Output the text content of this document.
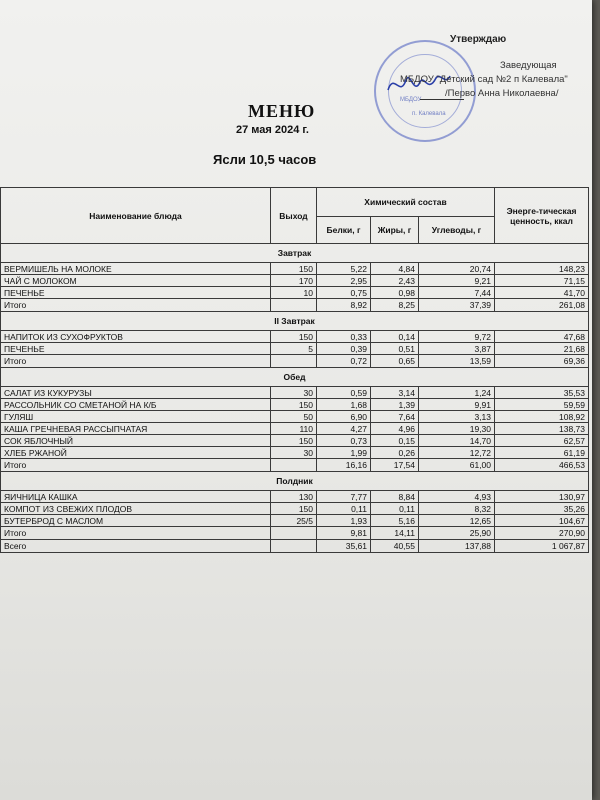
МБДОУ
п. Калевала
Утверждаю
Заведующая
МБДОУ "Детский сад №2 п Калевала"
/Перво Анна Николаевна/
МЕНЮ
27 мая 2024 г.
Ясли 10,5 часов
Наименование блюда	Выход	Химический состав			Энерге-тическая ценность, ккал
		Белки, г	Жиры, г	Углеводы, г	
Завтрак					
ВЕРМИШЕЛЬ НА МОЛОКЕ	150	5,22	4,84	20,74	148,23
ЧАЙ С МОЛОКОМ	170	2,95	2,43	9,21	71,15
ПЕЧЕНЬЕ	10	0,75	0,98	7,44	41,70
Итого		8,92	8,25	37,39	261,08
II Завтрак					
НАПИТОК ИЗ СУХОФРУКТОВ	150	0,33	0,14	9,72	47,68
ПЕЧЕНЬЕ	5	0,39	0,51	3,87	21,68
Итого		0,72	0,65	13,59	69,36
Обед					
САЛАТ ИЗ КУКУРУЗЫ	30	0,59	3,14	1,24	35,53
РАССОЛЬНИК СО СМЕТАНОЙ НА К/Б	150	1,68	1,39	9,91	59,59
ГУЛЯШ	50	6,90	7,64	3,13	108,92
КАША ГРЕЧНЕВАЯ РАССЫПЧАТАЯ	110	4,27	4,96	19,30	138,73
СОК ЯБЛОЧНЫЙ	150	0,73	0,15	14,70	62,57
ХЛЕБ РЖАНОЙ	30	1,99	0,26	12,72	61,19
Итого		16,16	17,54	61,00	466,53
Полдник					
ЯИЧНИЦА КАШКА	130	7,77	8,84	4,93	130,97
КОМПОТ ИЗ СВЕЖИХ ПЛОДОВ	150	0,11	0,11	8,32	35,26
БУТЕРБРОД С МАСЛОМ	25/5	1,93	5,16	12,65	104,67
Итого		9,81	14,11	25,90	270,90
Всего		35,61	40,55	137,88	1 067,87
